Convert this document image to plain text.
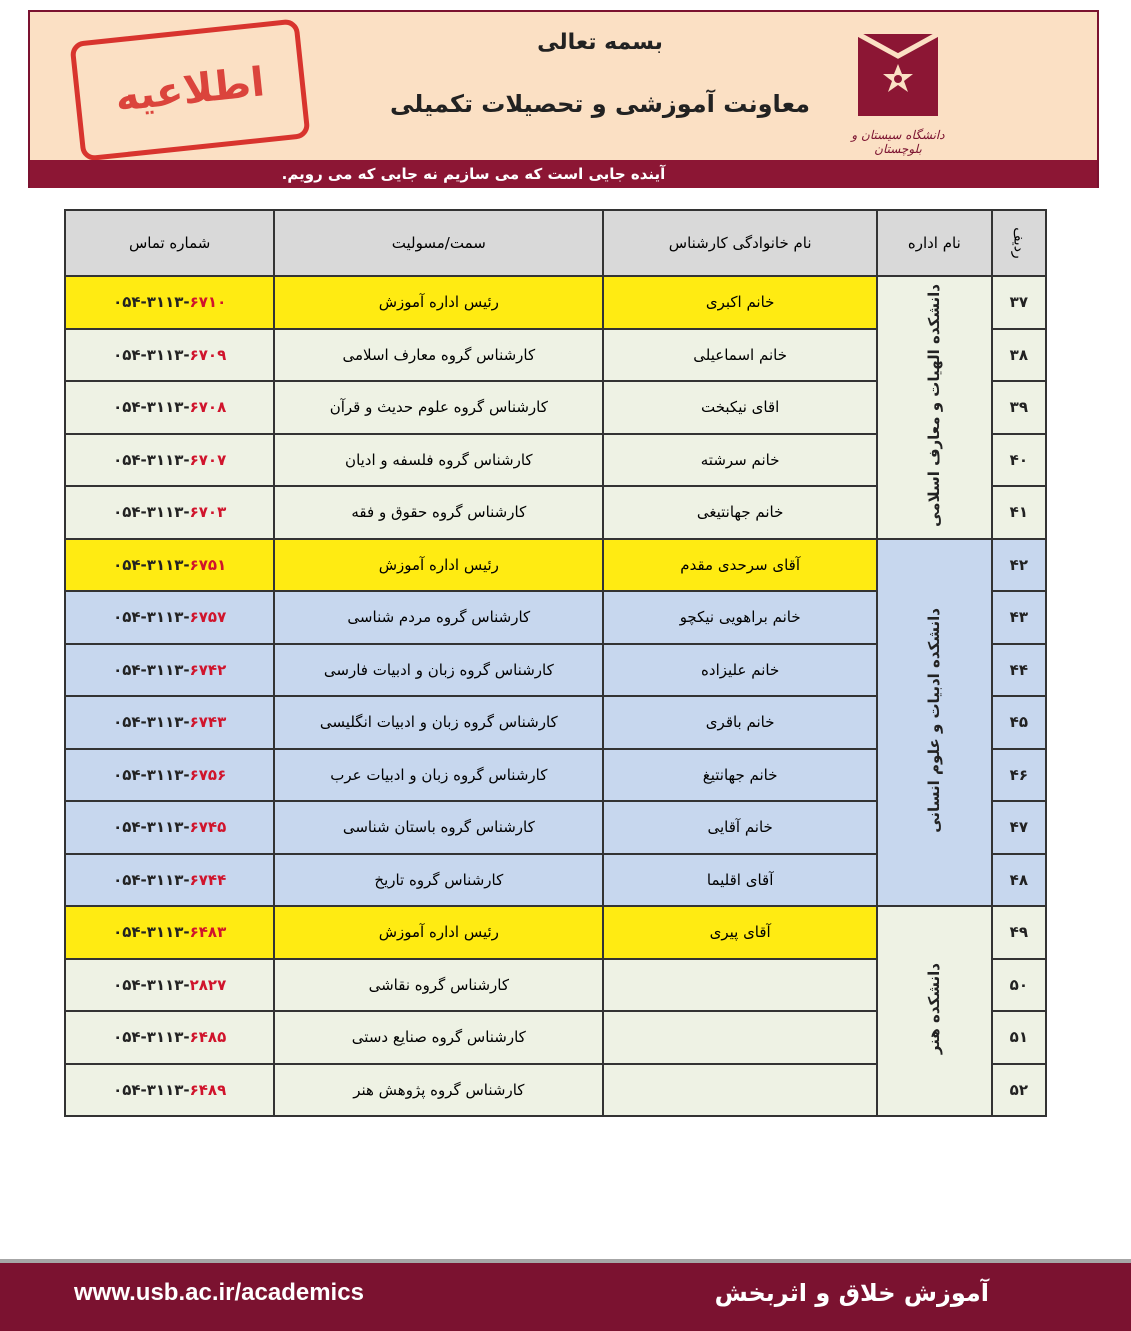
اطلاعیه
بسمه تعالی
معاونت آموزشی و تحصیلات تکمیلی
دانشگاه سیستان و بلوچستان
آینده جایی است که می سازیم نه جایی که می رویم.
ردیف	نام اداره	نام خانوادگی کارشناس	سمت/مسولیت	شماره تماس
۳۷	دانشکده الهیات و معارف اسلامی	خانم اکبری	رئیس اداره آموزش	۰۵۴-۳۱۱۳-۶۷۱۰
۳۸		خانم اسماعیلی	کارشناس گروه معارف اسلامی	۰۵۴-۳۱۱۳-۶۷۰۹
۳۹		اقای نیکبخت	کارشناس گروه علوم حدیث و قرآن	۰۵۴-۳۱۱۳-۶۷۰۸
۴۰		خانم سرشته	کارشناس گروه فلسفه و ادیان	۰۵۴-۳۱۱۳-۶۷۰۷
۴۱		خانم جهانتیغی	کارشناس گروه حقوق و فقه	۰۵۴-۳۱۱۳-۶۷۰۳
۴۲	دانشکده ادبیات و علوم انسانی	آقای سرحدی مقدم	رئیس اداره آموزش	۰۵۴-۳۱۱۳-۶۷۵۱
۴۳		خانم براهویی نیکچو	کارشناس گروه مردم شناسی	۰۵۴-۳۱۱۳-۶۷۵۷
۴۴		خانم علیزاده	کارشناس گروه زبان و ادبیات فارسی	۰۵۴-۳۱۱۳-۶۷۴۲
۴۵		خانم باقری	کارشناس گروه زبان و ادبیات انگلیسی	۰۵۴-۳۱۱۳-۶۷۴۳
۴۶		خانم جهانتیغ	کارشناس گروه زبان و ادبیات عرب	۰۵۴-۳۱۱۳-۶۷۵۶
۴۷		خانم آقایی	کارشناس گروه باستان شناسی	۰۵۴-۳۱۱۳-۶۷۴۵
۴۸		آقای اقلیما	کارشناس گروه تاریخ	۰۵۴-۳۱۱۳-۶۷۴۴
۴۹	دانشکده هنر	آقای پیری	رئیس اداره آموزش	۰۵۴-۳۱۱۳-۶۴۸۳
۵۰			کارشناس گروه نقاشی	۰۵۴-۳۱۱۳-۲۸۲۷
۵۱			کارشناس گروه صنایع دستی	۰۵۴-۳۱۱۳-۶۴۸۵
۵۲			کارشناس گروه پژوهش هنر	۰۵۴-۳۱۱۳-۶۴۸۹
www.usb.ac.ir/academics	آموزش خلاق و اثربخش
